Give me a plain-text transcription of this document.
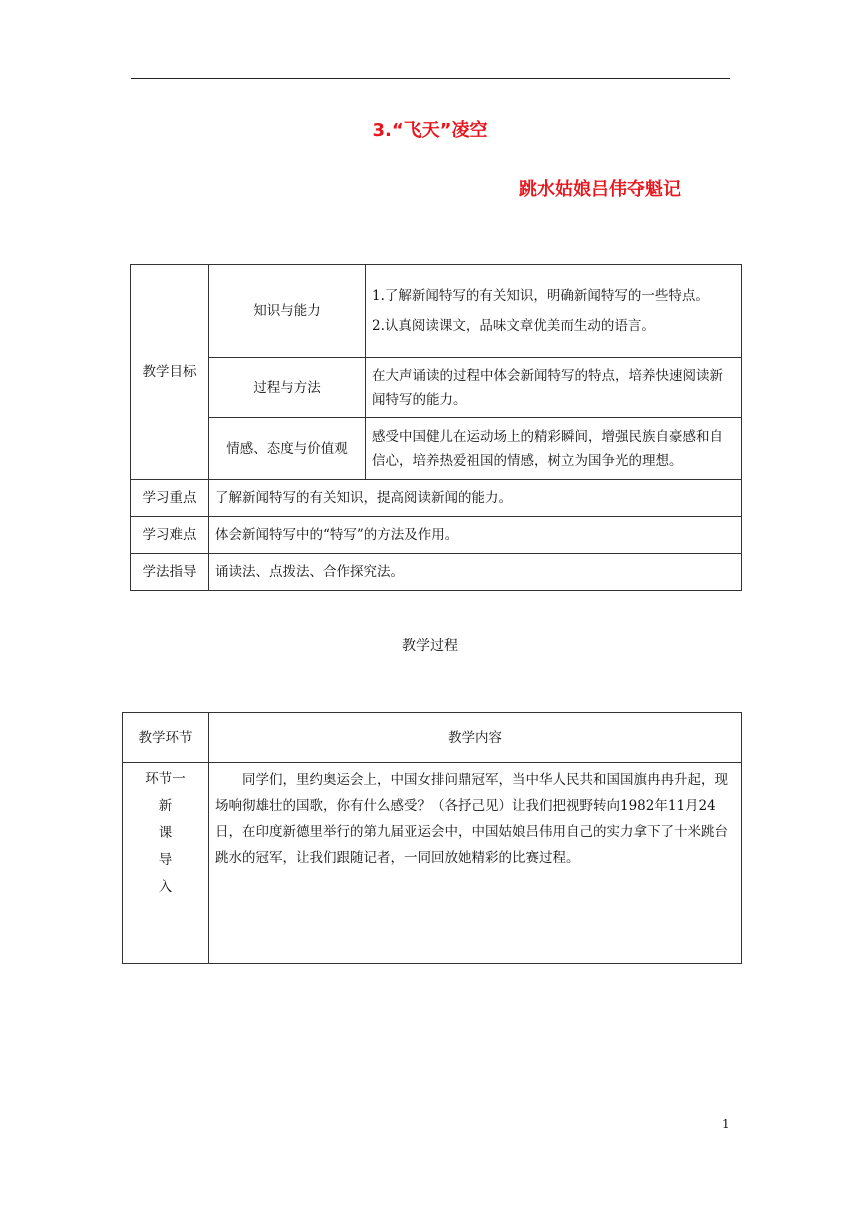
3.“飞天”凌空
跳水姑娘吕伟夺魁记
教学目标	知识与能力	1.了解新闻特写的有关知识，明确新闻特写的一些特点。

2.认真阅读课文，品味文章优美而生动的语言。

	过程与方法	在大声诵读的过程中体会新闻特写的特点，培养快速阅读新闻特写的能力。
	情感、态度与价值观	感受中国健儿在运动场上的精彩瞬间，增强民族自豪感和自信心，培养热爱祖国的情感，树立为国争光的理想。
学习重点	了解新闻特写的有关知识，提高阅读新闻的能力。	
学习难点	体会新闻特写中的“特写”的方法及作用。	
学法指导	诵读法、点拨法、合作探究法。	
教学过程
教学环节	教学内容

环节一
新
课
导
入	同学们，里约奥运会上，中国女排问鼎冠军，当中华人民共和国国旗冉冉升起，现场响彻雄壮的国歌，你有什么感受？（各抒己见）让我们把视野转向1982年11月24日，在印度新德里举行的第九届亚运会中，中国姑娘吕伟用自己的实力拿下了十米跳台跳水的冠军，让我们跟随记者，一同回放她精彩的比赛过程。
1
